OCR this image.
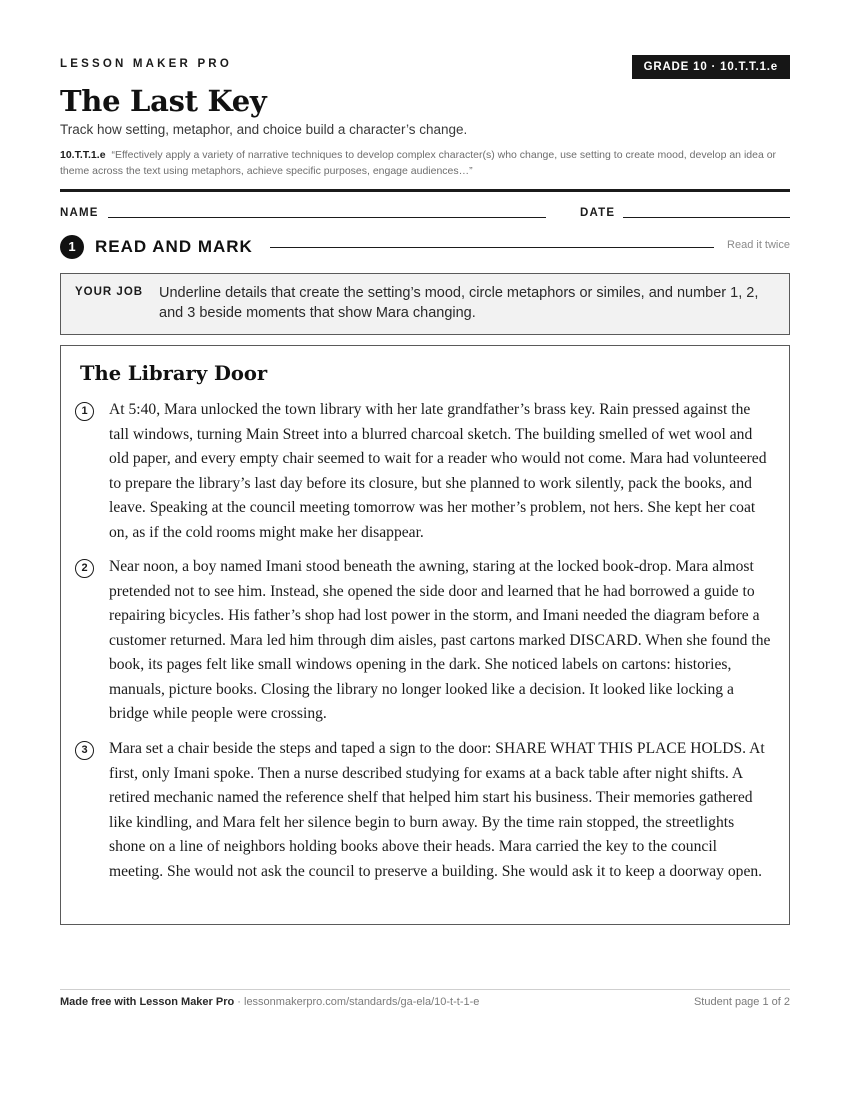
LESSON MAKER PRO	GRADE 10 · 10.T.T.1.e
The Last Key
Track how setting, metaphor, and choice build a character’s change.
10.T.T.1.e “Effectively apply a variety of narrative techniques to develop complex character(s) who change, use setting to create mood, develop an idea or theme across the text using metaphors, achieve specific purposes, engage audiences…”
NAME	DATE
1	READ AND MARK	Read it twice
YOUR JOB Underline details that create the setting’s mood, circle metaphors or similes, and number 1, 2, and 3 beside moments that show Mara changing.
The Library Door
1	At 5:40, Mara unlocked the town library with her late grandfather’s brass key. Rain pressed against the tall windows, turning Main Street into a blurred charcoal sketch. The building smelled of wet wool and old paper, and every empty chair seemed to wait for a reader who would not come. Mara had volunteered to prepare the library’s last day before its closure, but she planned to work silently, pack the books, and leave. Speaking at the council meeting tomorrow was her mother’s problem, not hers. She kept her coat on, as if the cold rooms might make her disappear.

2	Near noon, a boy named Imani stood beneath the awning, staring at the locked book-drop. Mara almost pretended not to see him. Instead, she opened the side door and learned that he had borrowed a guide to repairing bicycles. His father’s shop had lost power in the storm, and Imani needed the diagram before a customer returned. Mara led him through dim aisles, past cartons marked DISCARD. When she found the book, its pages felt like small windows opening in the dark. She noticed labels on cartons: histories, manuals, picture books. Closing the library no longer looked like a decision. It looked like locking a bridge while people were crossing.

3	Mara set a chair beside the steps and taped a sign to the door: SHARE WHAT THIS PLACE HOLDS. At first, only Imani spoke. Then a nurse described studying for exams at a back table after night shifts. A retired mechanic named the reference shelf that helped him start his business. Their memories gathered like kindling, and Mara felt her silence begin to burn away. By the time rain stopped, the streetlights shone on a line of neighbors holding books above their heads. Mara carried the key to the council meeting. She would not ask the council to preserve a building. She would ask it to keep a doorway open.

Made free with Lesson Maker Pro · lessonmakerpro.com/standards/ga-ela/10-t-t-1-e	Student page 1 of 2
